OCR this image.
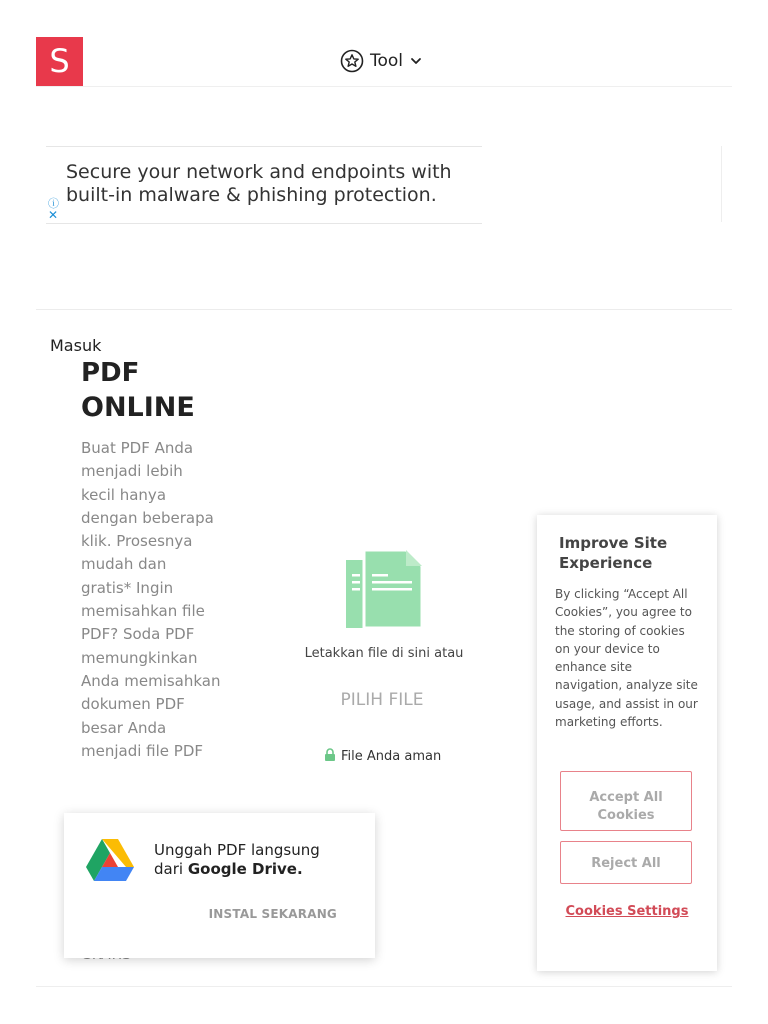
S	Tool
Secure your network and endpoints with built-in malware & phishing protection.
ⓘ
✕
Masuk
PDF
ONLINE
Buat PDF Anda menjadi lebih kecil hanya dengan beberapa klik. Prosesnya mudah dan gratis* Ingin memisahkan file PDF? Soda PDF memungkinkan Anda memisahkan dokumen PDF besar Anda menjadi file PDF
Letakkan file di sini atau
PILIH FILE
File Anda aman
Unggah PDF langsung
dari Google Drive.
INSTAL SEKARANG
Improve Site Experience
By clicking “Accept All Cookies”, you agree to the storing of cookies on your device to enhance site navigation, analyze site usage, and assist in our marketing efforts.
Accept All Cookies
Reject All
Cookies Settings
